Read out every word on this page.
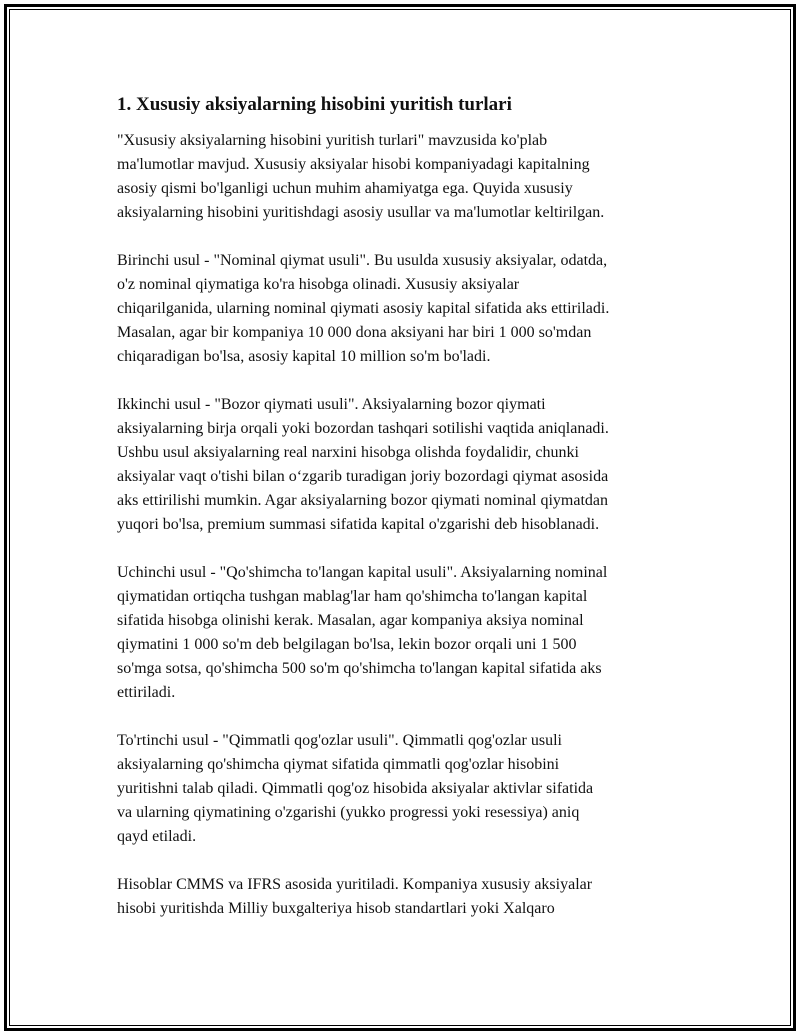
1. Xususiy aksiyalarning hisobini yuritish turlari

"Xususiy aksiyalarning hisobini yuritish turlari" mavzusida ko'plab
ma'lumotlar mavjud. Xususiy aksiyalar hisobi kompaniyadagi kapitalning
asosiy qismi bo'lganligi uchun muhim ahamiyatga ega. Quyida xususiy
aksiyalarning hisobini yuritishdagi asosiy usullar va ma'lumotlar keltirilgan.

Birinchi usul - "Nominal qiymat usuli". Bu usulda xususiy aksiyalar, odatda,
o'z nominal qiymatiga ko'ra hisobga olinadi. Xususiy aksiyalar
chiqarilganida, ularning nominal qiymati asosiy kapital sifatida aks ettiriladi.
Masalan, agar bir kompaniya 10 000 dona aksiyani har biri 1 000 so'mdan
chiqaradigan bo'lsa, asosiy kapital 10 million so'm bo'ladi.

Ikkinchi usul - "Bozor qiymati usuli". Aksiyalarning bozor qiymati
aksiyalarning birja orqali yoki bozordan tashqari sotilishi vaqtida aniqlanadi.
Ushbu usul aksiyalarning real narxini hisobga olishda foydalidir, chunki
aksiyalar vaqt o'tishi bilan o‘zgarib turadigan joriy bozordagi qiymat asosida
aks ettirilishi mumkin. Agar aksiyalarning bozor qiymati nominal qiymatdan
yuqori bo'lsa, premium summasi sifatida kapital o'zgarishi deb hisoblanadi.

Uchinchi usul - "Qo'shimcha to'langan kapital usuli". Aksiyalarning nominal
qiymatidan ortiqcha tushgan mablag'lar ham qo'shimcha to'langan kapital
sifatida hisobga olinishi kerak. Masalan, agar kompaniya aksiya nominal
qiymatini 1 000 so'm deb belgilagan bo'lsa, lekin bozor orqali uni 1 500
so'mga sotsa, qo'shimcha 500 so'm qo'shimcha to'langan kapital sifatida aks
ettiriladi.

To'rtinchi usul - "Qimmatli qog'ozlar usuli". Qimmatli qog'ozlar usuli
aksiyalarning qo'shimcha qiymat sifatida qimmatli qog'ozlar hisobini
yuritishni talab qiladi. Qimmatli qog'oz hisobida aksiyalar aktivlar sifatida
va ularning qiymatining o'zgarishi (yukko progressi yoki resessiya) aniq
qayd etiladi.

Hisoblar CMMS va IFRS asosida yuritiladi. Kompaniya xususiy aksiyalar
hisobi yuritishda Milliy buxgalteriya hisob standartlari yoki Xalqaro
